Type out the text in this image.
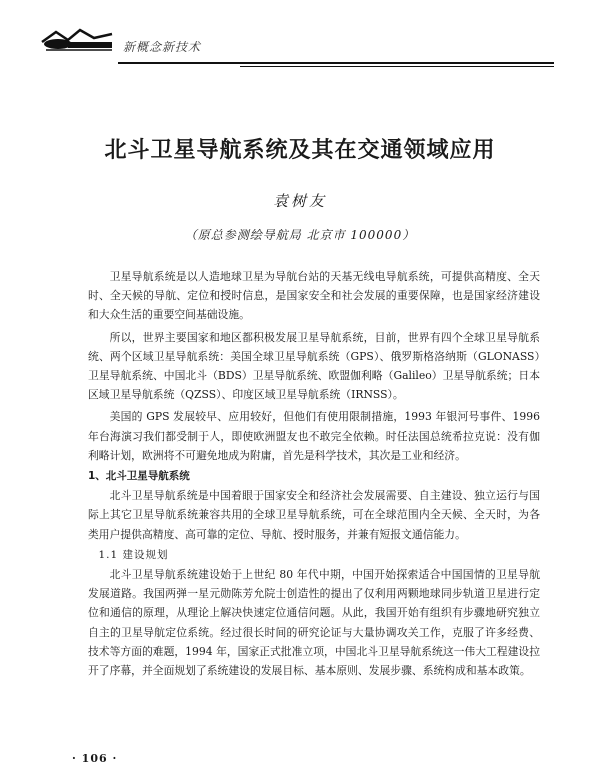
新概念新技术
北斗卫星导航系统及其在交通领域应用
袁树友
（原总参测绘导航局 北京市 100000）

卫星导航系统是以人造地球卫星为导航台站的天基无线电导航系统，可提供高精度、全天时、全天候的导航、定位和授时信息，是国家安全和社会发展的重要保障，也是国家经济建设和大众生活的重要空间基础设施。

所以，世界主要国家和地区都积极发展卫星导航系统，目前，世界有四个全球卫星导航系统、两个区域卫星导航系统：美国全球卫星导航系统（GPS）、俄罗斯格洛纳斯（GLONASS）卫星导航系统、中国北斗（BDS）卫星导航系统、欧盟伽利略（Galileo）卫星导航系统；日本区域卫星导航系统（QZSS）、印度区域卫星导航系统（IRNSS）。

美国的 GPS 发展较早、应用较好，但他们有使用限制措施，1993 年银河号事件、1996 年台海演习我们都受制于人，即使欧洲盟友也不敢完全依赖。时任法国总统希拉克说：没有伽利略计划，欧洲将不可避免地成为附庸，首先是科学技术，其次是工业和经济。

1、北斗卫星导航系统

北斗卫星导航系统是中国着眼于国家安全和经济社会发展需要、自主建设、独立运行与国际上其它卫星导航系统兼容共用的全球卫星导航系统，可在全球范围内全天候、全天时，为各类用户提供高精度、高可靠的定位、导航、授时服务，并兼有短报文通信能力。

1.1 建设规划

北斗卫星导航系统建设始于上世纪 80 年代中期，中国开始探索适合中国国情的卫星导航发展道路。我国两弹一星元勋陈芳允院士创造性的提出了仅利用两颗地球同步轨道卫星进行定位和通信的原理，从理论上解决快速定位通信问题。从此，我国开始有组织有步骤地研究独立自主的卫星导航定位系统。经过很长时间的研究论证与大量协调攻关工作，克服了许多经费、技术等方面的难题，1994 年，国家正式批准立项，中国北斗卫星导航系统这一伟大工程建设拉开了序幕，并全面规划了系统建设的发展目标、基本原则、发展步骤、系统构成和基本政策。

· 106 ·
